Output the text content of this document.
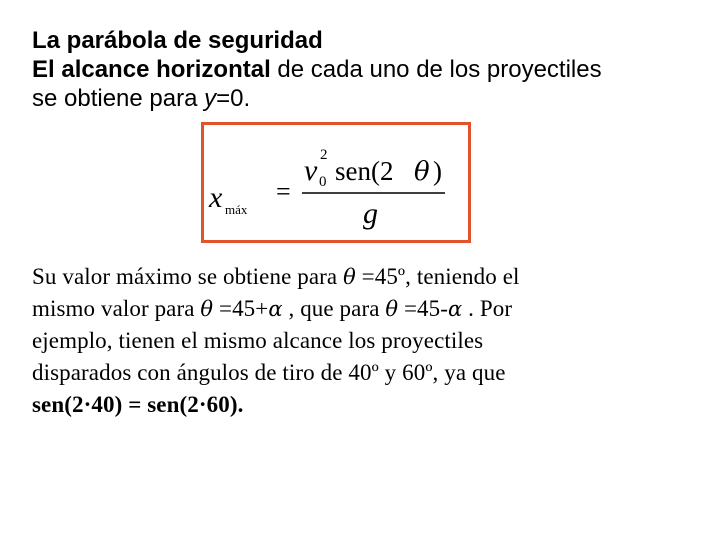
La parábola de seguridad
El alcance horizontal de cada uno de los proyectiles
se obtiene para y=0.
x máx
=
v 2
0 sen(2 θ )
g
Su valor máximo se obtiene para θ =45º, teniendo el
mismo valor para θ =45+α , que para θ =45-α . Por
ejemplo, tienen el mismo alcance los proyectiles
disparados con ángulos de tiro de 40º y 60º, ya que
sen(2·40) = sen(2·60).
